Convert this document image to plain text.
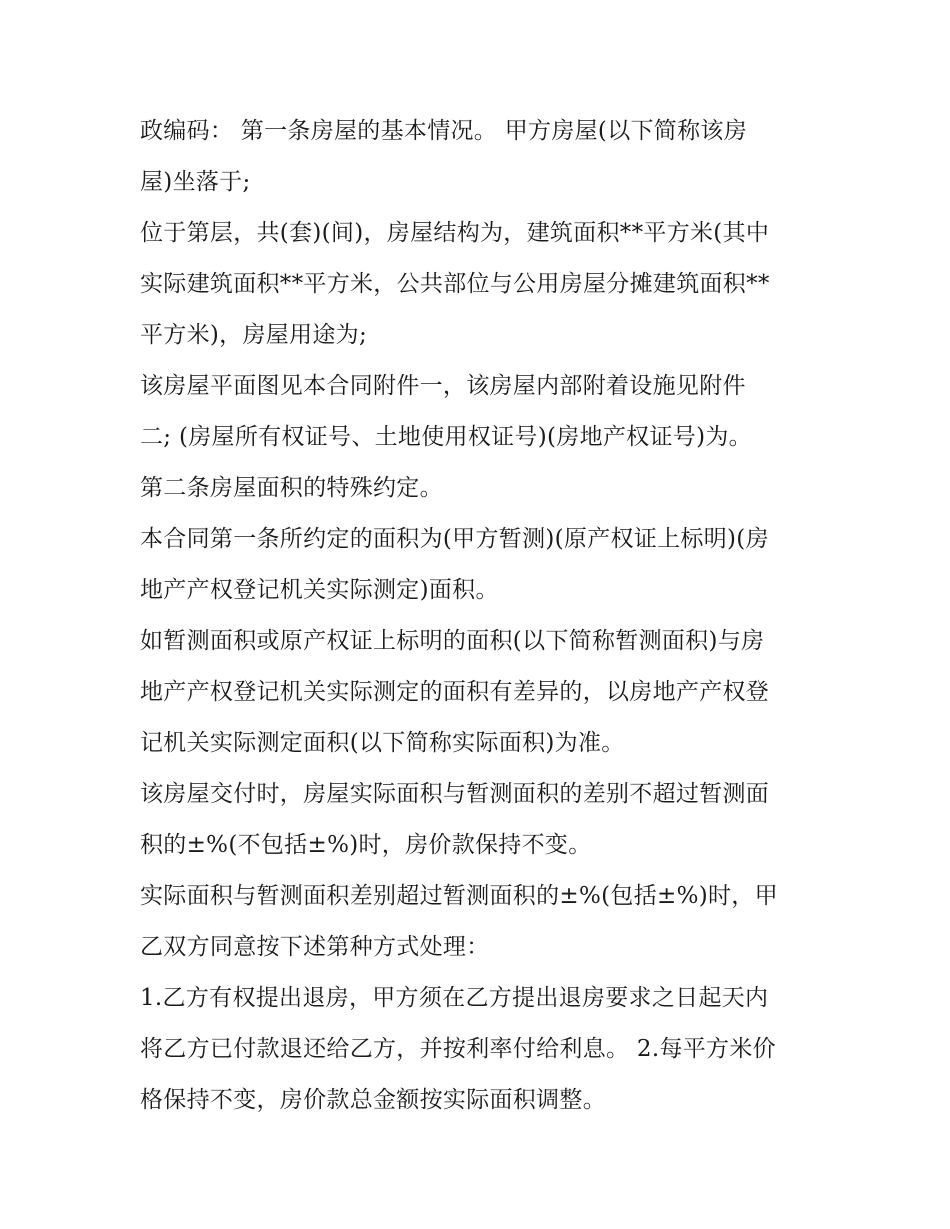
政编码： 第一条房屋的基本情况。 甲方房屋(以下简称该房
屋)坐落于;
位于第层，共(套)(间)，房屋结构为，建筑面积**平方米(其中
实际建筑面积**平方米，公共部位与公用房屋分摊建筑面积**
平方米)，房屋用途为;
该房屋平面图见本合同附件一，该房屋内部附着设施见附件
二; (房屋所有权证号、土地使用权证号)(房地产权证号)为。
第二条房屋面积的特殊约定。
本合同第一条所约定的面积为(甲方暂测)(原产权证上标明)(房
地产产权登记机关实际测定)面积。
如暂测面积或原产权证上标明的面积(以下简称暂测面积)与房
地产产权登记机关实际测定的面积有差异的，以房地产产权登
记机关实际测定面积(以下简称实际面积)为准。
该房屋交付时，房屋实际面积与暂测面积的差别不超过暂测面
积的±%(不包括±%)时，房价款保持不变。
实际面积与暂测面积差别超过暂测面积的±%(包括±%)时，甲
乙双方同意按下述第种方式处理：
1.乙方有权提出退房，甲方须在乙方提出退房要求之日起天内
将乙方已付款退还给乙方，并按利率付给利息。 2.每平方米价
格保持不变，房价款总金额按实际面积调整。
